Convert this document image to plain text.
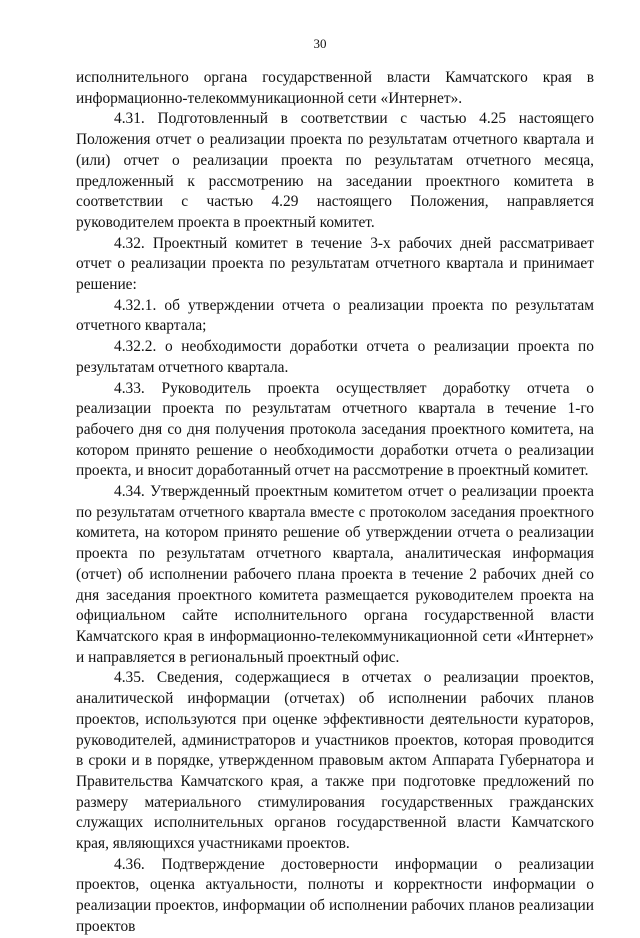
30

исполнительного органа государственной власти Камчатского края в информационно-телекоммуникационной сети «Интернет».

4.31. Подготовленный в соответствии с частью 4.25 настоящего Положения отчет о реализации проекта по результатам отчетного квартала и (или) отчет о реализации проекта по результатам отчетного месяца, предложенный к рассмотрению на заседании проектного комитета в соответствии с частью 4.29 настоящего Положения, направляется руководителем проекта в проектный комитет.

4.32. Проектный комитет в течение 3-х рабочих дней рассматривает отчет о реализации проекта по результатам отчетного квартала и принимает решение:

4.32.1. об утверждении отчета о реализации проекта по результатам отчетного квартала;

4.32.2. о необходимости доработки отчета о реализации проекта по результатам отчетного квартала.

4.33. Руководитель проекта осуществляет доработку отчета о реализации проекта по результатам отчетного квартала в течение 1-го рабочего дня со дня получения протокола заседания проектного комитета, на котором принято решение о необходимости доработки отчета о реализации проекта, и вносит доработанный отчет на рассмотрение в проектный комитет.

4.34. Утвержденный проектным комитетом отчет о реализации проекта по результатам отчетного квартала вместе с протоколом заседания проектного комитета, на котором принято решение об утверждении отчета о реализации проекта по результатам отчетного квартала, аналитическая информация (отчет) об исполнении рабочего плана проекта в течение 2 рабочих дней со дня заседания проектного комитета размещается руководителем проекта на официальном сайте исполнительного органа государственной власти Камчатского края в информационно-телекоммуникационной сети «Интернет» и направляется в региональный проектный офис.

4.35. Сведения, содержащиеся в отчетах о реализации проектов, аналитической информации (отчетах) об исполнении рабочих планов проектов, используются при оценке эффективности деятельности кураторов, руководителей, администраторов и участников проектов, которая проводится в сроки и в порядке, утвержденном правовым актом Аппарата Губернатора и Правительства Камчатского края, а также при подготовке предложений по размеру материального стимулирования государственных гражданских служащих исполнительных органов государственной власти Камчатского края, являющихся участниками проектов.

4.36. Подтверждение достоверности информации о реализации проектов, оценка актуальности, полноты и корректности информации о реализации проектов, информации об исполнении рабочих планов реализации проектов
